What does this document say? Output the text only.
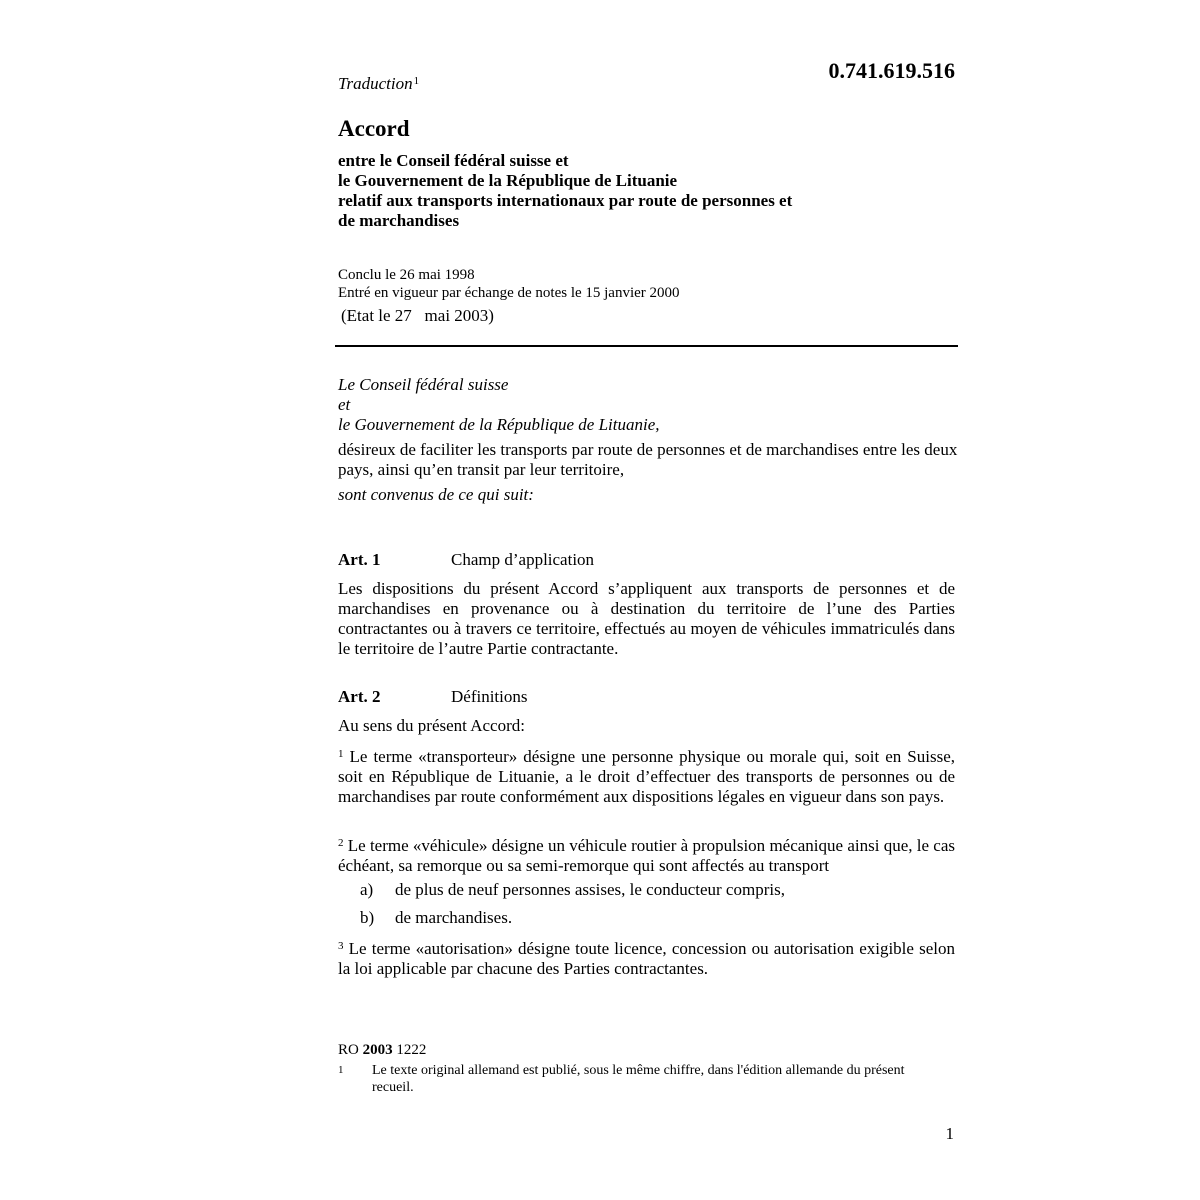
0.741.619.516
Traduction$^1$
Accord
entre le Conseil fédéral suisse et
le Gouvernement de la République de Lituanie
relatif aux transports internationaux par route de personnes et
de marchandises
Conclu le 26 mai 1998
Entré en vigueur par échange de notes le 15 janvier 2000
(Etat le 27   mai 2003)
Le Conseil fédéral suisse
et
le Gouvernement de la République de Lituanie,

désireux de faciliter les transports par route de personnes et de marchandises entre les deux pays, ainsi qu’en transit par leur territoire,

sont convenus de ce qui suit:

Art. 1	Champ d’application

Les dispositions du présent Accord s’appliquent aux transports de personnes et de marchandises en provenance ou à destination du territoire de l’une des Parties contractantes ou à travers ce territoire, effectués au moyen de véhicules immatriculés dans le territoire de l’autre Partie contractante.

Art. 2	Définitions

Au sens du présent Accord:

$^1$ Le terme «transporteur» désigne une personne physique ou morale qui, soit en Suisse, soit en République de Lituanie, a le droit d’effectuer des transports de personnes ou de marchandises par route conformément aux dispositions légales en vigueur dans son pays.

$^2$ Le terme «véhicule» désigne un véhicule routier à propulsion mécanique ainsi que, le cas échéant, sa remorque ou sa semi-remorque qui sont affectés au transport

a) de plus de neuf personnes assises, le conducteur compris,
b) de marchandises.

$^3$ Le terme «autorisation» désigne toute licence, concession ou autorisation exigible selon la loi applicable par chacune des Parties contractantes.

RO 2003 1222
1 Le texte original allemand est publié, sous le même chiffre, dans l'édition allemande du présent recueil.
1
